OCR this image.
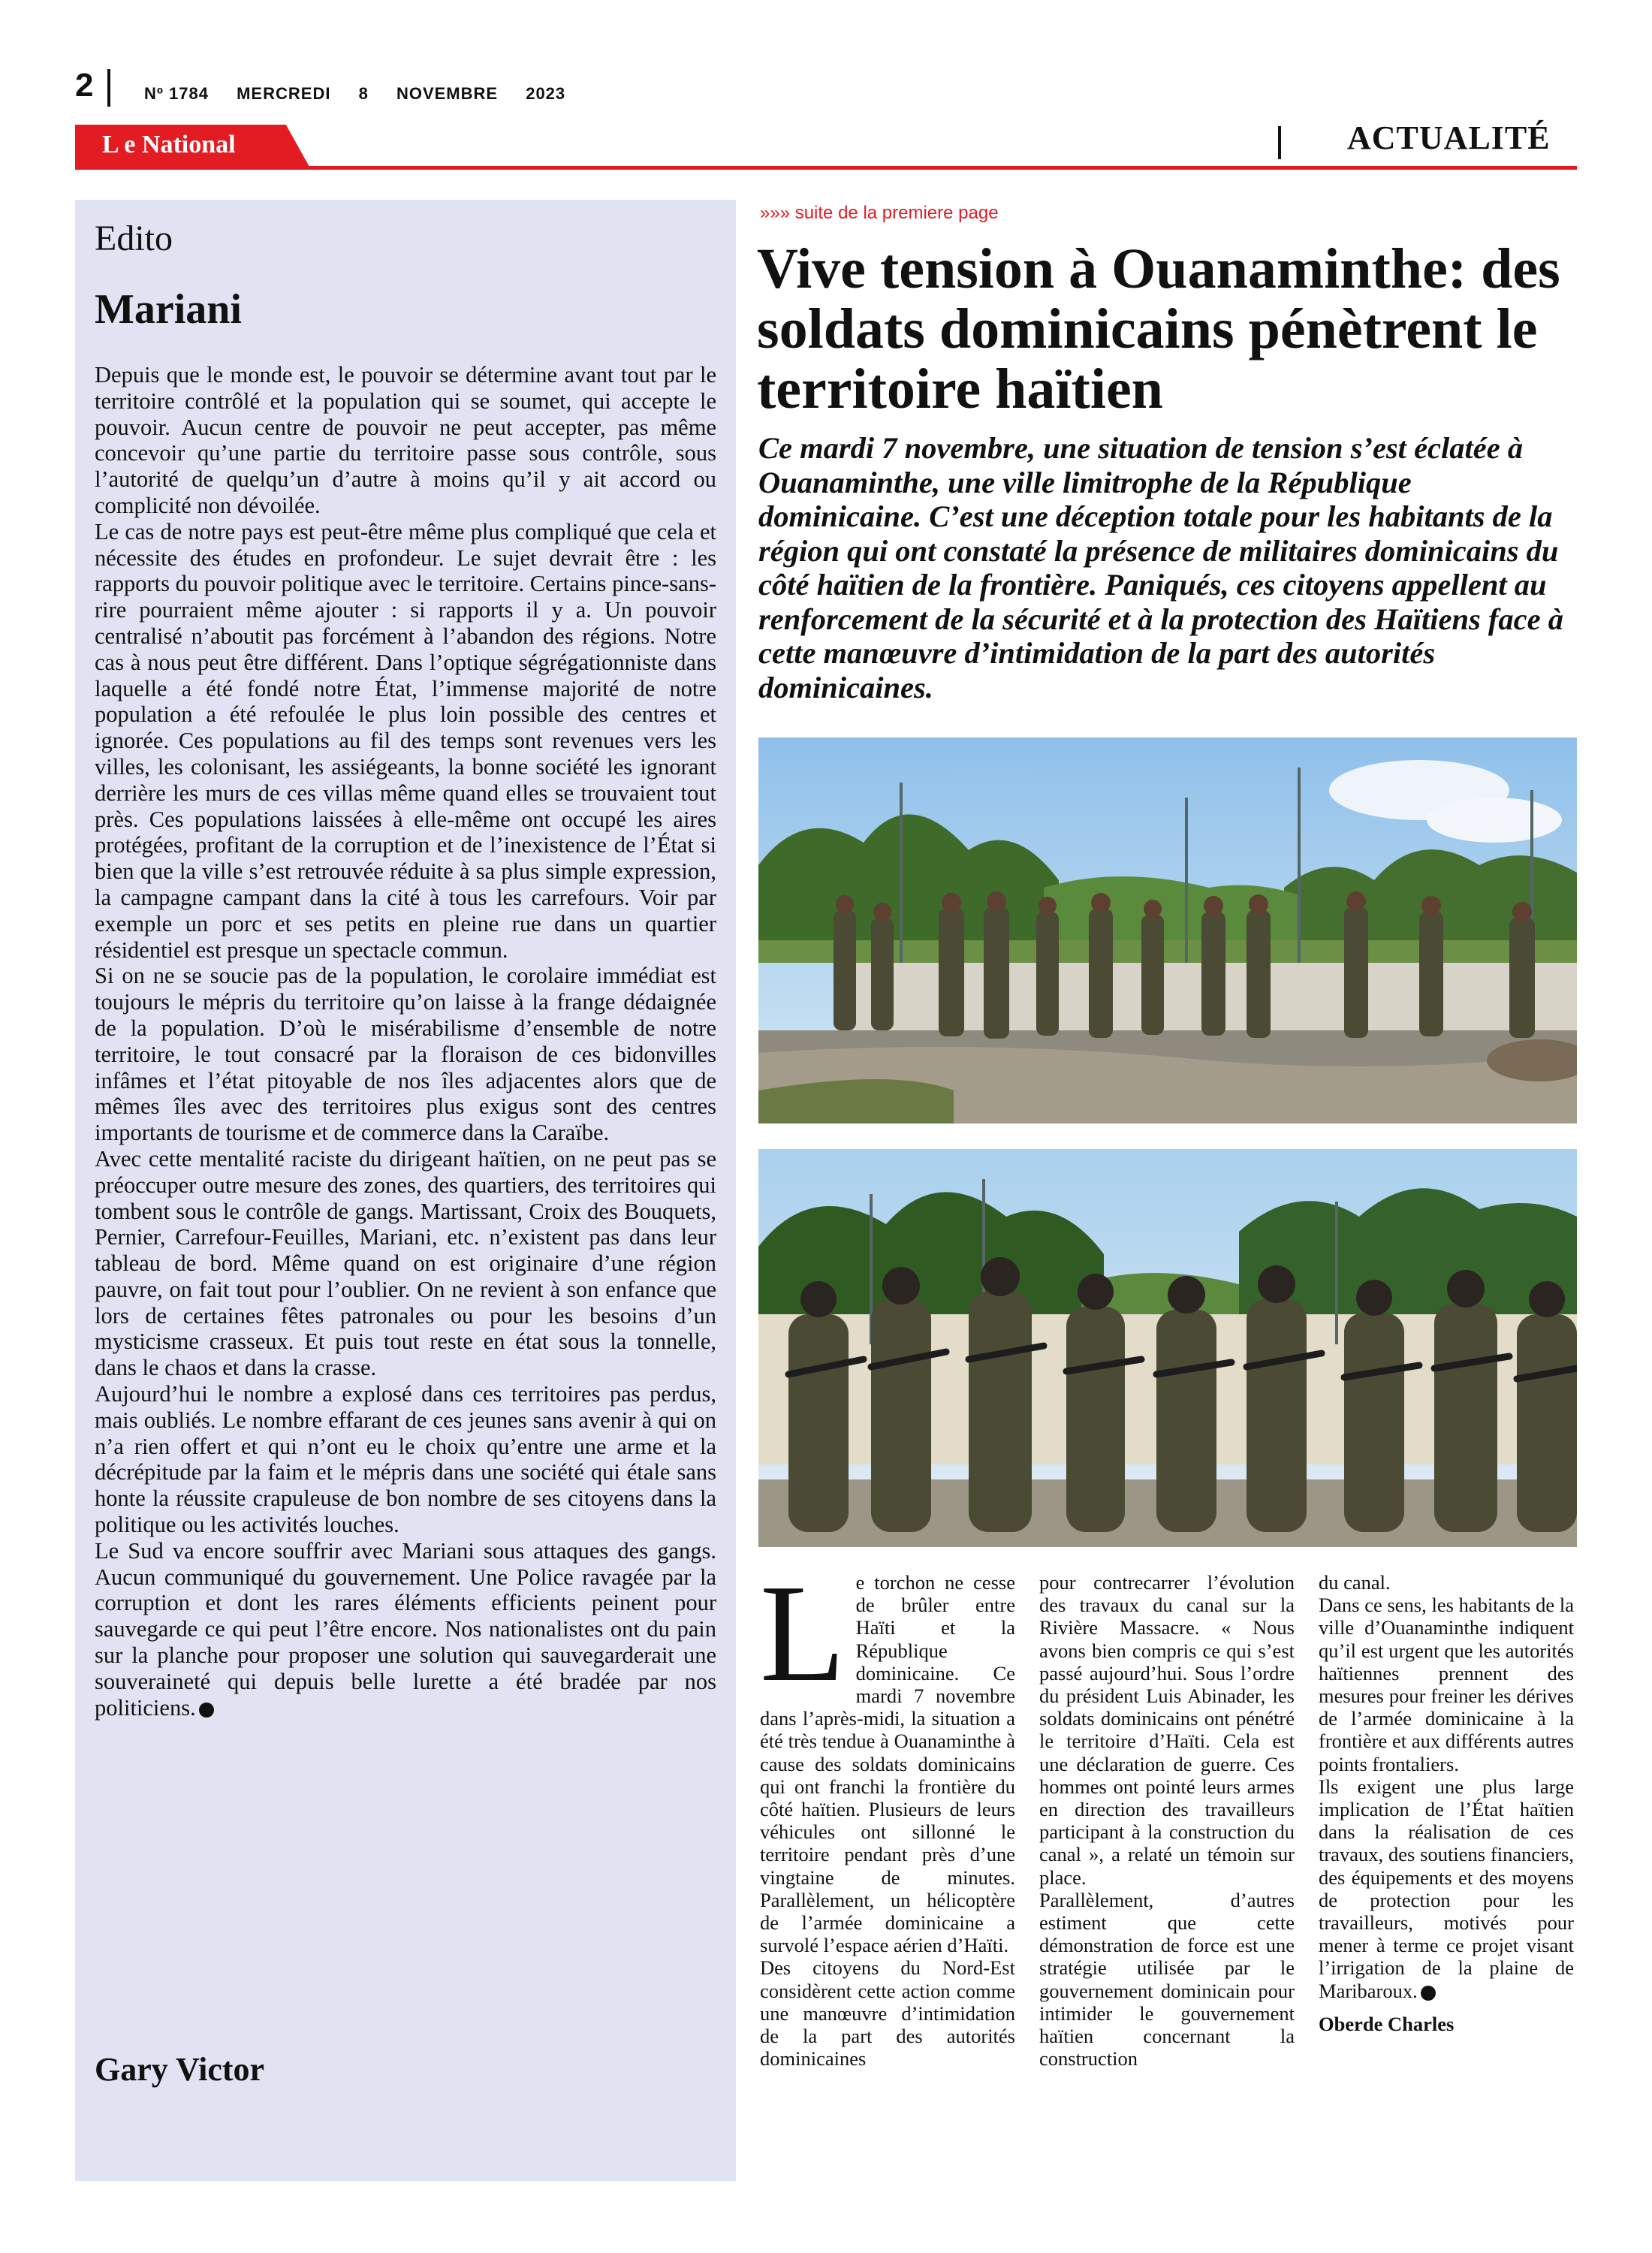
2	Nº 1784 MERCREDI 8 NOVEMBRE 2023
L e National	ACTUALITÉ
Edito
Mariani

Depuis que le monde est, le pouvoir se détermine avant tout par le territoire contrôlé et la population qui se soumet, qui accepte le pouvoir. Aucun centre de pouvoir ne peut accepter, pas même concevoir qu’une partie du territoire passe sous contrôle, sous l’autorité de quelqu’un d’autre à moins qu’il y ait accord ou complicité non dévoilée.

Le cas de notre pays est peut-être même plus compliqué que cela et nécessite des études en profondeur. Le sujet devrait être : les rapports du pouvoir politique avec le territoire. Certains pince-sans-rire pourraient même ajouter : si rapports il y a. Un pouvoir centralisé n’aboutit pas forcément à l’abandon des régions. Notre cas à nous peut être différent. Dans l’optique ségrégationniste dans laquelle a été fondé notre État, l’immense majorité de notre population a été refoulée le plus loin possible des centres et ignorée. Ces populations au fil des temps sont revenues vers les villes, les colonisant, les assiégeants, la bonne société les ignorant derrière les murs de ces villas même quand elles se trouvaient tout près. Ces populations laissées à elle-même ont occupé les aires protégées, profitant de la corruption et de l’inexistence de l’État si bien que la ville s’est retrouvée réduite à sa plus simple expression, la campagne campant dans la cité à tous les carrefours. Voir par exemple un porc et ses petits en pleine rue dans un quartier résidentiel est presque un spectacle commun.

Si on ne se soucie pas de la population, le corolaire immédiat est toujours le mépris du territoire qu’on laisse à la frange dédaignée de la population. D’où le misérabilisme d’ensemble de notre territoire, le tout consacré par la floraison de ces bidonvilles infâmes et l’état pitoyable de nos îles adjacentes alors que de mêmes îles avec des territoires plus exigus sont des centres importants de tourisme et de commerce dans la Caraïbe.

Avec cette mentalité raciste du dirigeant haïtien, on ne peut pas se préoccuper outre mesure des zones, des quartiers, des territoires qui tombent sous le contrôle de gangs. Martissant, Croix des Bouquets, Pernier, Carrefour-Feuilles, Mariani, etc. n’existent pas dans leur tableau de bord. Même quand on est originaire d’une région pauvre, on fait tout pour l’oublier. On ne revient à son enfance que lors de certaines fêtes patronales ou pour les besoins d’un mysticisme crasseux. Et puis tout reste en état sous la tonnelle, dans le chaos et dans la crasse.

Aujourd’hui le nombre a explosé dans ces territoires pas perdus, mais oubliés. Le nombre effarant de ces jeunes sans avenir à qui on n’a rien offert et qui n’ont eu le choix qu’entre une arme et la décrépitude par la faim et le mépris dans une société qui étale sans honte la réussite crapuleuse de bon nombre de ses citoyens dans la politique ou les activités louches.

Le Sud va encore souffrir avec Mariani sous attaques des gangs. Aucun communiqué du gouvernement. Une Police ravagée par la corruption et dont les rares éléments efficients peinent pour sauvegarde ce qui peut l’être encore. Nos nationalistes ont du pain sur la planche pour proposer une solution qui sauvegarderait une souveraineté qui depuis belle lurette a été bradée par nos politiciens.

Gary Victor
»»» suite de la premiere page
Vive tension à Ouanaminthe: des soldats dominicains pénètrent le territoire haïtien
Ce mardi 7 novembre, une situation de tension s’est éclatée à Ouanaminthe, une ville limitrophe de la République dominicaine. C’est une déception totale pour les habitants de la région qui ont constaté la présence de militaires dominicains du côté haïtien de la frontière. Paniqués, ces citoyens appellent au renforcement de la sécurité et à la protection des Haïtiens face à cette manœuvre d’intimidation de la part des autorités dominicaines.

Le torchon ne cesse de brûler entre Haïti et la République dominicaine. Ce mardi 7 novembre dans l’après-midi, la situation a été très tendue à Ouanaminthe à cause des soldats dominicains qui ont franchi la frontière du côté haïtien. Plusieurs de leurs véhicules ont sillonné le territoire pendant près d’une vingtaine de minutes. Parallèlement, un hélicoptère de l’armée dominicaine a survolé l’espace aérien d’Haïti.

Des citoyens du Nord-Est considèrent cette action comme une manœuvre d’intimidation de la part des autorités dominicaines

pour contrecarrer l’évolution des travaux du canal sur la Rivière Massacre. « Nous avons bien compris ce qui s’est passé aujourd’hui. Sous l’ordre du président Luis Abinader, les soldats dominicains ont pénétré le territoire d’Haïti. Cela est une déclaration de guerre. Ces hommes ont pointé leurs armes en direction des travailleurs participant à la construction du canal », a relaté un témoin sur place.

Parallèlement, d’autres estiment que cette démonstration de force est une stratégie utilisée par le gouvernement dominicain pour intimider le gouvernement haïtien concernant la construction

du canal.

Dans ce sens, les habitants de la ville d’Ouanaminthe indiquent qu’il est urgent que les autorités haïtiennes prennent des mesures pour freiner les dérives de l’armée dominicaine à la frontière et aux différents autres points frontaliers.

Ils exigent une plus large implication de l’État haïtien dans la réalisation de ces travaux, des soutiens financiers, des équipements et des moyens de protection pour les travailleurs, motivés pour mener à terme ce projet visant l’irrigation de la plaine de Maribaroux.

Oberde Charles
